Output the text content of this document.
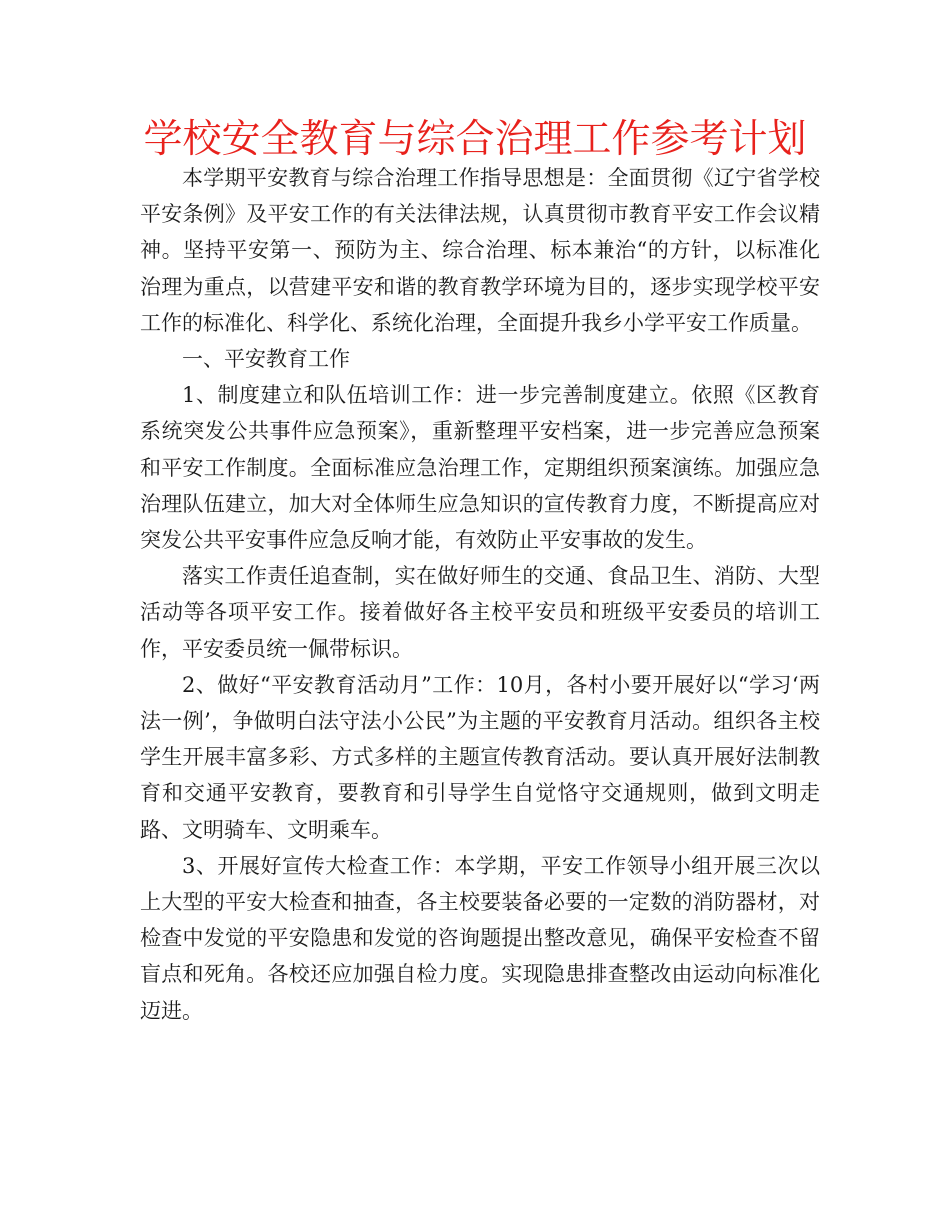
学校安全教育与综合治理工作参考计划

本学期平安教育与综合治理工作指导思想是：全面贯彻《辽宁省学校平安条例》及平安工作的有关法律法规，认真贯彻市教育平安工作会议精神。坚持平安第一、预防为主、综合治理、标本兼治“的方针，以标准化治理为重点，以营建平安和谐的教育教学环境为目的，逐步实现学校平安工作的标准化、科学化、系统化治理，全面提升我乡小学平安工作质量。

一、平安教育工作

1、制度建立和队伍培训工作：进一步完善制度建立。依照《区教育系统突发公共事件应急预案》，重新整理平安档案，进一步完善应急预案和平安工作制度。全面标准应急治理工作，定期组织预案演练。加强应急治理队伍建立，加大对全体师生应急知识的宣传教育力度，不断提高应对突发公共平安事件应急反响才能，有效防止平安事故的发生。

落实工作责任追查制，实在做好师生的交通、食品卫生、消防、大型活动等各项平安工作。接着做好各主校平安员和班级平安委员的培训工作，平安委员统一佩带标识。

2、做好“平安教育活动月”工作：10月，各村小要开展好以“学习‘两法一例’，争做明白法守法小公民”为主题的平安教育月活动。组织各主校学生开展丰富多彩、方式多样的主题宣传教育活动。要认真开展好法制教育和交通平安教育，要教育和引导学生自觉恪守交通规则，做到文明走路、文明骑车、文明乘车。

3、开展好宣传大检查工作：本学期，平安工作领导小组开展三次以上大型的平安大检查和抽查，各主校要装备必要的一定数的消防器材，对检查中发觉的平安隐患和发觉的咨询题提出整改意见，确保平安检查不留盲点和死角。各校还应加强自检力度。实现隐患排查整改由运动向标准化迈进。
